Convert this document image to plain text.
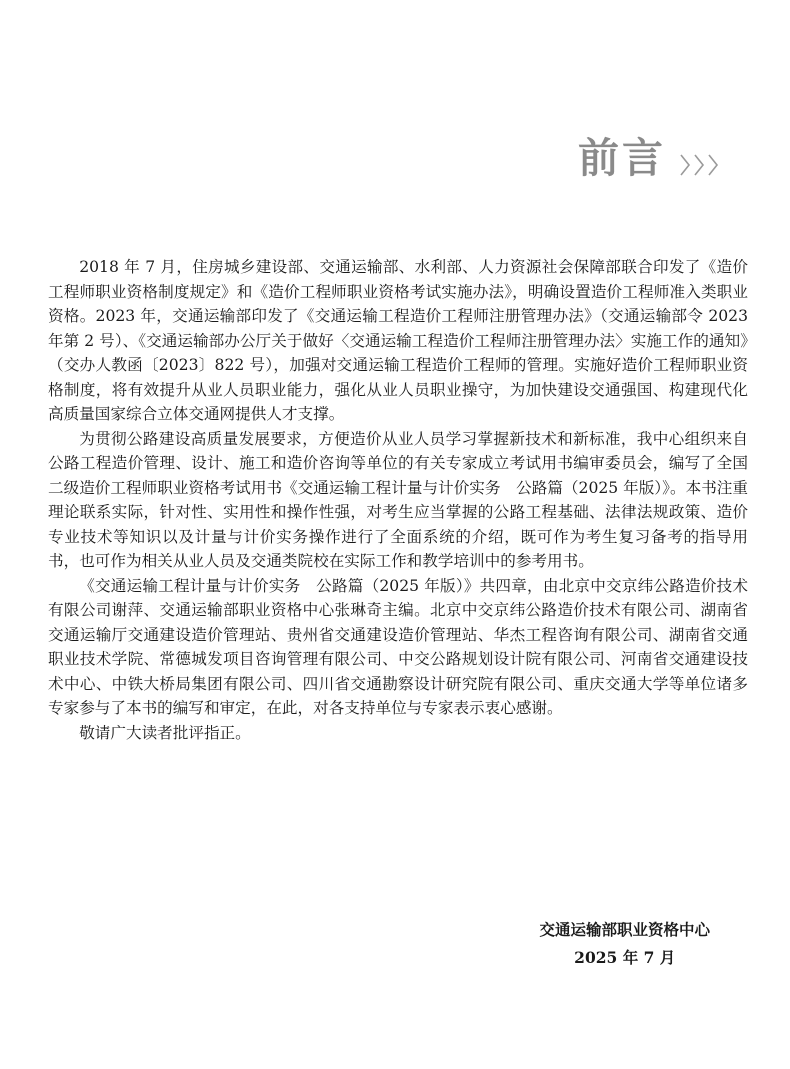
前言

2018 年 7 月，住房城乡建设部、交通运输部、水利部、人力资源社会保障部联合印发了《造价工程师职业资格制度规定》和《造价工程师职业资格考试实施办法》，明确设置造价工程师准入类职业资格。2023 年，交通运输部印发了《交通运输工程造价工程师注册管理办法》（交通运输部令 2023 年第 2 号）、《交通运输部办公厅关于做好〈交通运输工程造价工程师注册管理办法〉实施工作的通知》（交办人教函〔2023〕822 号），加强对交通运输工程造价工程师的管理。实施好造价工程师职业资格制度，将有效提升从业人员职业能力，强化从业人员职业操守，为加快建设交通强国、构建现代化高质量国家综合立体交通网提供人才支撑。

为贯彻公路建设高质量发展要求，方便造价从业人员学习掌握新技术和新标准，我中心组织来自公路工程造价管理、设计、施工和造价咨询等单位的有关专家成立考试用书编审委员会，编写了全国二级造价工程师职业资格考试用书《交通运输工程计量与计价实务　公路篇（2025 年版）》。本书注重理论联系实际，针对性、实用性和操作性强，对考生应当掌握的公路工程基础、法律法规政策、造价专业技术等知识以及计量与计价实务操作进行了全面系统的介绍，既可作为考生复习备考的指导用书，也可作为相关从业人员及交通类院校在实际工作和教学培训中的参考用书。

《交通运输工程计量与计价实务　公路篇（2025 年版）》共四章，由北京中交京纬公路造价技术有限公司谢萍、交通运输部职业资格中心张琳奇主编。北京中交京纬公路造价技术有限公司、湖南省交通运输厅交通建设造价管理站、贵州省交通建设造价管理站、华杰工程咨询有限公司、湖南省交通职业技术学院、常德城发项目咨询管理有限公司、中交公路规划设计院有限公司、河南省交通建设技术中心、中铁大桥局集团有限公司、四川省交通勘察设计研究院有限公司、重庆交通大学等单位诸多专家参与了本书的编写和审定，在此，对各支持单位与专家表示衷心感谢。

敬请广大读者批评指正。

交通运输部职业资格中心
2025 年 7 月
